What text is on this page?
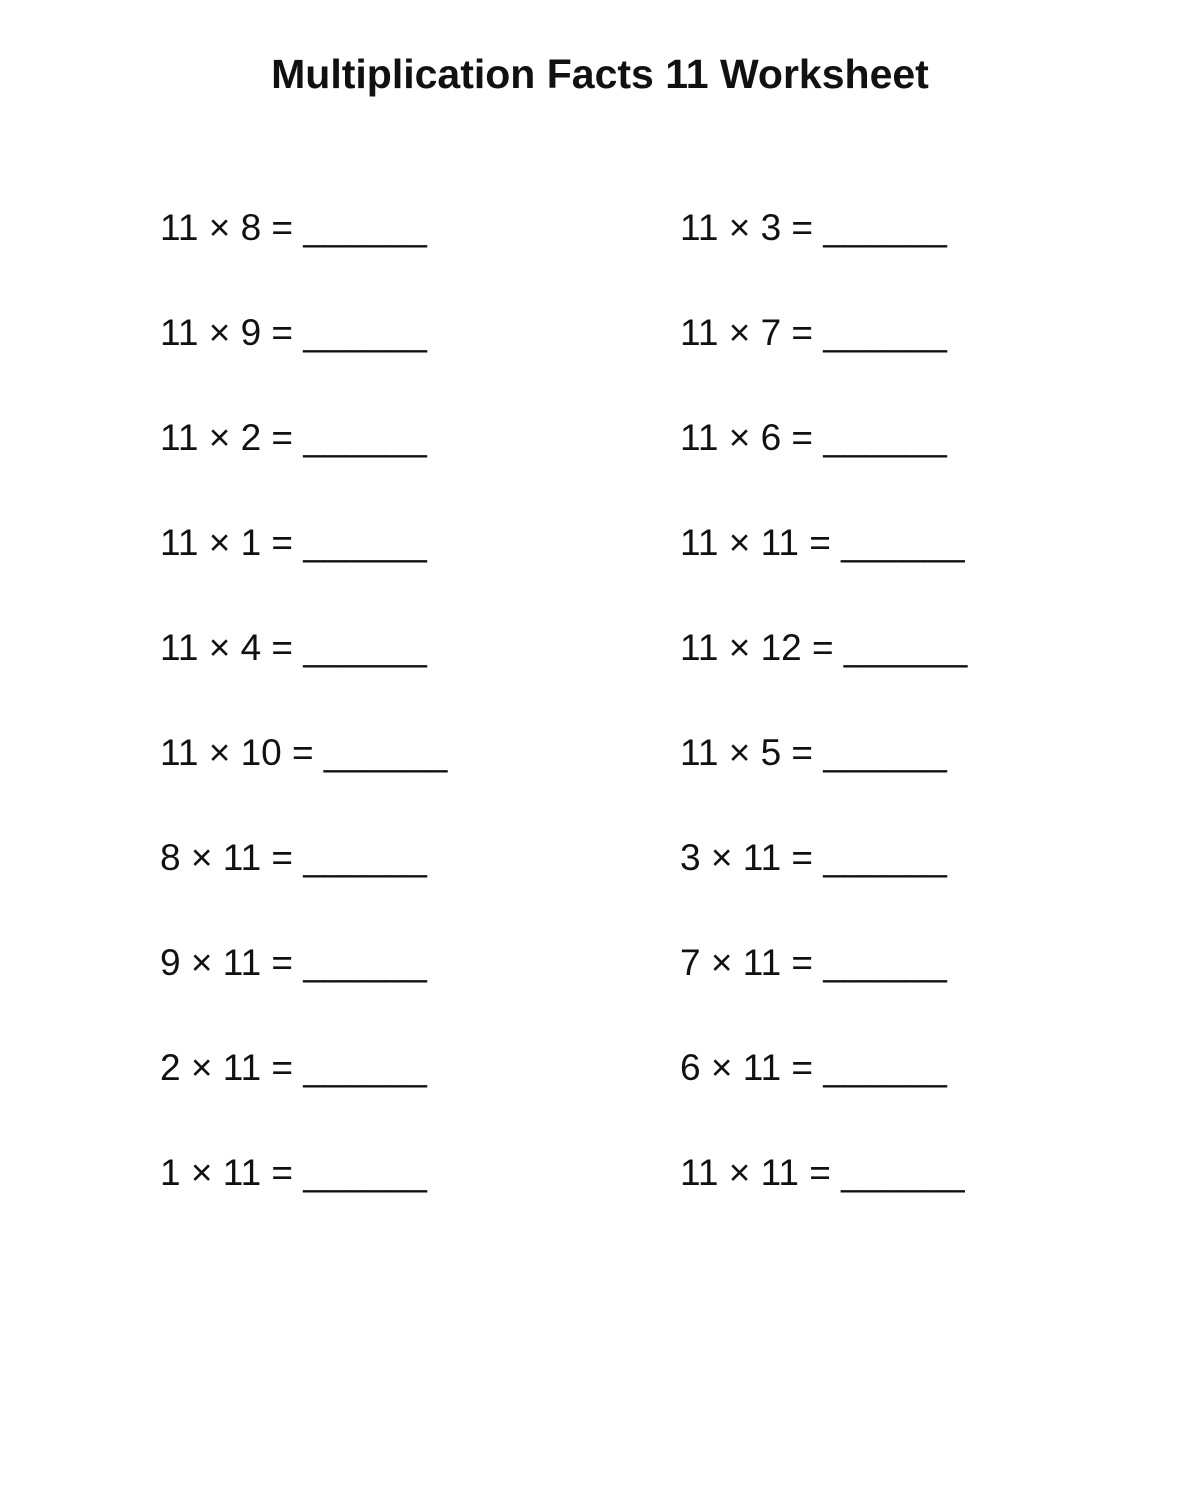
Multiplication Facts 11 Worksheet
11 × 8 = ______	11 × 3 = ______
11 × 9 = ______	11 × 7 = ______
11 × 2 = ______	11 × 6 = ______
11 × 1 = ______	11 × 11 = ______
11 × 4 = ______	11 × 12 = ______
11 × 10 = ______	11 × 5 = ______
8 × 11 = ______	3 × 11 = ______
9 × 11 = ______	7 × 11 = ______
2 × 11 = ______	6 × 11 = ______
1 × 11 = ______	11 × 11 = ______
